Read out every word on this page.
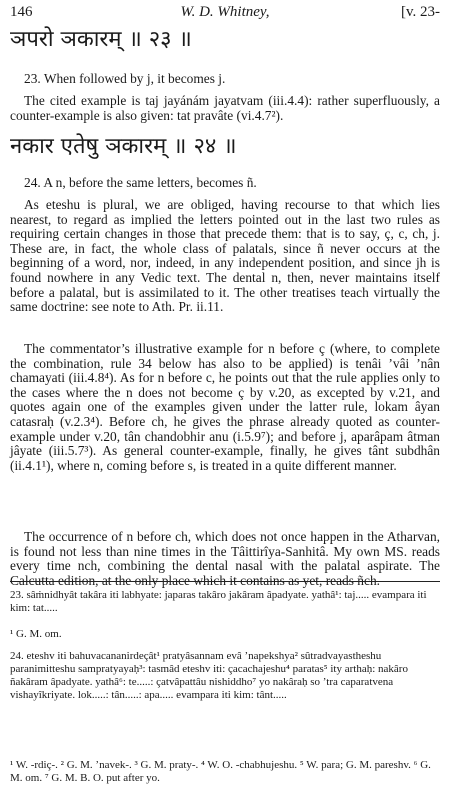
W. D. Whitney,
146	[v. 23-
ञपरो ञकारम् ॥ २३ ॥

23. When followed by j, it becomes j.

The cited example is taj jayánám jayatvam (iii.4.4): rather superfluously, a counter-example is also given: tat pravâte (vi.4.7²).

नकार एतेषु ञकारम् ॥ २४ ॥

24. A n, before the same letters, becomes ñ.

As eteshu is plural, we are obliged, having recourse to that which lies nearest, to regard as implied the letters pointed out in the last two rules as requiring certain changes in those that precede them: that is to say, ç, c, ch, j. These are, in fact, the whole class of palatals, since ñ never occurs at the beginning of a word, nor, indeed, in any independent position, and since jh is found nowhere in any Vedic text. The dental n, then, never maintains itself before a palatal, but is assimilated to it. The other treatises teach virtually the same doctrine: see note to Ath. Pr. ii.11.

The commentator’s illustrative example for n before ç (where, to complete the combination, rule 34 below has also to be applied) is tenâi ’vâi ’nân chamayati (iii.4.8⁴). As for n before c, he points out that the rule applies only to the cases where the n does not become ç by v.20, as excepted by v.21, and quotes again one of the examples given under the latter rule, lokam âyan catasraḥ (v.2.3⁴). Before ch, he gives the phrase already quoted as counter-example under v.20, tân chandobhir anu (i.5.9⁷); and before j, aparâpam âtman jâyate (iii.5.7³). As general counter-example, finally, he gives tânt subdhân (ii.4.1¹), where n, coming before s, is treated in a quite different manner.

The occurrence of n before ch, which does not once happen in the Atharvan, is found not less than nine times in the Tâittirîya-Sanhitâ. My own MS. reads every time nch, combining the dental nasal with the palatal aspirate. The Calcutta edition, at the only place which it contains as yet, reads ñch.

23. sâṁnidhyât takâra iti labhyate: japaras takâro jakâram âpadyate. yathâ¹: taj..... evampara iti kim: tat.....

¹ G. M. om.

24. eteshv iti bahuvacananirdeçât¹ pratyâsannam evâ ’napekshya² sûtradvayastheshu paranimitteshu sampratyayaḥ³: tasmâd eteshv iti: çacachajeshu⁴ paratas⁵ ity arthaḥ: nakâro ñakâram âpadyate. yathâ⁶: te.....: çatvâpattâu nishiddho⁷ yo nakâraḥ so ’tra caparatvena vishayîkriyate. lok.....: tân.....: apa..... evampara iti kim: tânt.....

¹ W. -rdiç-. ² G. M. ’navek-. ³ G. M. praty-. ⁴ W. O. -chabhujeshu. ⁵ W. para; G. M. pareshv. ⁶ G. M. om. ⁷ G. M. B. O. put after yo.
